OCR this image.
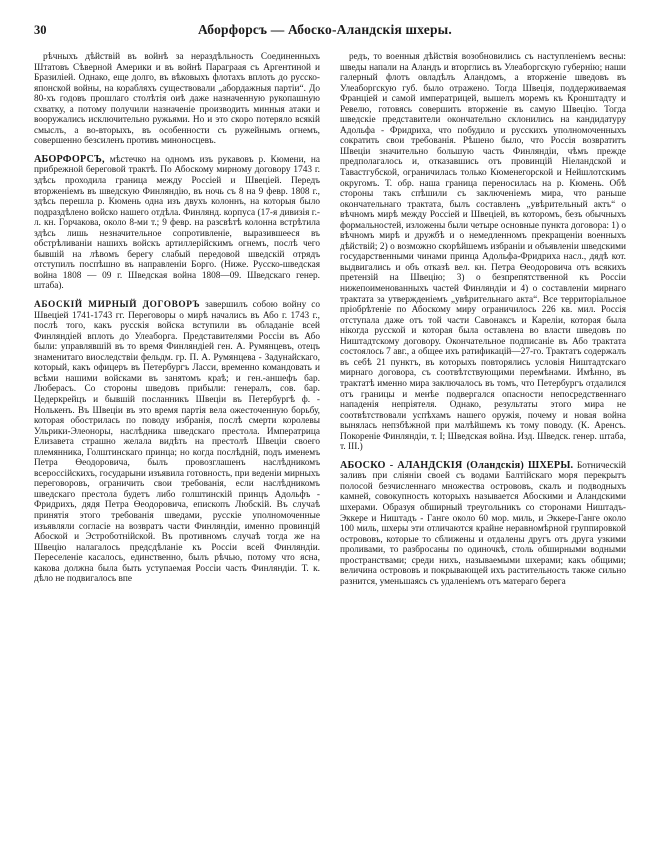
30	Аборфорсъ — Абоско-Аландскія шхеры.

рѣчныхъ дѣйствій въ войнѣ за нераздѣльность Соединенныхъ Штатовъ Сѣверной Америки и въ войнѣ Параграая съ Аргентиной и Бразиліей. Однако, еще долго, въ вѣковыхъ флотахъ вплоть до русско-японской войны, на корабляхъ существовали „абордажныя партіи“. До 80-хъ годовъ прошлаго столѣтія оиѣ даже назначенную рукопашную схватку, а потому получили назначеніе производить минныя атаки и вооружались исключительно ружьями. Но и это скоро потеряло всякій смыслъ, а во-вторыхъ, въ особенности съ ружейнымъ огнемъ, совершенно безсиленъ противъ миноносцевъ.

АБОРФОРСЪ, мѣстечко на одномъ изъ рукавовъ р. Кюмени, на прибрежной береговой трактѣ. По Абоскому мирному договору 1743 г. здѣсь проходила граница между Россіей и Швеціей. Передъ вторженіемъ въ шведскую Финляндію, въ ночь съ 8 на 9 февр. 1808 г., здѣсь перешла р. Кюмень одна изъ двухъ колоннъ, на которыя было подраздѣлено войско нашего отдѣла. Финлянд. корпуса (17-я дивизія г.-л. кн. Горчакова, около 8-ми т.; 9 февр. на разсвѣтѣ колонна встрѣтила здѣсь лишь незначительное сопротивленіе, выразившееся въ обстрѣливаніи нашихъ войскъ артиллерійскимъ огнемъ, послѣ чего бывшій на лѣвомъ берегу слабый передовой шведскій отрядъ отступилъ поспѣшно въ направленіи Борго. (Ниже. Русско-шведская война 1808 — 09 г. Шведская война 1808—09. Шведскаго генер. штаба).

АБОСКІЙ МИРНЫЙ ДОГОВОРЪ завершилъ собою войну со Швеціей 1741-1743 гг. Переговоры о мирѣ начались въ Або г. 1743 г., послѣ того, какъ русскія войска вступили въ обладаніе всей Финляндіей вплоть до Улеаборга. Представителями Россіи въ Або были: управлявшій въ то время Финляндіей ген. А. Румянцевъ, отецъ знаменитаго виоследствіи фельдм. гр. П. А. Румянцева - Задунайскаго, который, какъ офицеръ въ Петербургъ Ласси, временно командовать и всѣми нашими войсками въ занятомъ краѣ; и ген.-аншефъ бар. Люберасъ. Со стороны шведовъ прибыли: генералъ, сов. бар. Цедеркрейцъ и бывшій посланникъ Швеціи въ Петербургѣ ф. - Нолькенъ. Въ Швеціи въ это время партія вела ожесточенную борьбу, которая обострилась по поводу избранія, послѣ смерти королевы Ульрики-Элеоноры, наслѣдника шведскаго престола. Императрица Елизавета страшно желала видѣть на престолѣ Швеціи своего племянника, Голштинскаго принца; но когда послѣдній, подъ именемъ Петра Ѳеодоровича, былъ провозглашенъ наслѣдникомъ всероссійскихъ, государыни изъявила готовность, при веденіи мирныхъ переговоровъ, ограничить свои требованія, если наслѣдникомъ шведскаго престола будетъ либо голштинскій принцъ Адольфъ - Фридрихъ, дядя Петра Ѳеодоровича, епископъ Любскій. Въ случаѣ принятія этого требованія шведами, русскіе уполномоченные изъявляли согласіе на возвратъ части Финляндіи, именно провинцій Абоской и Эстроботнійской. Въ противномъ случаѣ тогда же на Швецію налагалось предсдѣланіе къ Россіи всей Финляндіи. Переселеніе касалось, единственно, былъ рѣчью, потому что ясна, какова должна была быть уступаемая Россіи часть Финляндіи. Т. к. дѣло не подвигалось впе

редъ, то военныя дѣйствія возобновились съ наступленіемъ весны: шведы напали на Аландъ и вторглись въ Улеаборгскую губернію; наши галерный флотъ овладѣлъ Аландомъ, а вторженіе шведовъ въ Улеаборгскую губ. было отражено. Тогда Швеція, поддерживаемая Франціей и самой императрицей, вышелъ моремъ къ Кронштадту и Ревелю, готовясь совершить вторженіе въ самую Швецію. Тогда шведскіе представители окончательно склонились на кандидатуру Адольфа - Фридриха, что побудило и русскихъ уполномоченныхъ сократить свои требованія. Рѣшено было, что Россія возвратитъ Швеціи значительно большую часть Финляндіи, чѣмъ прежде предполагалось и, отказавшись отъ провинцій Ніеландской и Тавастгубской, ограничилась только Кюменегорской и Нейшлотскимъ округомъ. Т. обр. наша граница переносилась на р. Кюмень. Обѣ стороны такъ спѣшили съ заключеніемъ мира, что раньше окончательнаго трактата, былъ составленъ „увѣрительный актъ“ о вѣчномъ мирѣ между Россіей и Швеціей, въ которомъ, безъ обычныхъ формальностей, изложены были четыре основные пункта договора: 1) о вѣчномъ мирѣ и дружбѣ и о немедленномъ прекращеніи военныхъ дѣйствій; 2) о возможно скорѣйшемъ избраніи и объявленіи шведскими государственными чинами принца Адольфа-Фридриха насл., дядѣ кот. выдвигались и объ отказѣ вел. кн. Петра Ѳеодоровича отъ всякихъ претензій на Швецію; 3) о безпрепятственной къ Россіи нижепоименованныхъ частей Финляндіи и 4) о составленіи мирнаго трактата за утвержденіемъ „увѣрительнаго акта“. Все территоріальное пріобрѣтеніе по Абоскому миру ограничилось 226 кв. мил. Россія отступала даже отъ той части Савонаксъ и Кареліи, которая была нікогда русской и которая была оставлена во власти шведовъ по Ништадтскому договору. Окончательное подписаніе въ Або трактата состоялось 7 авг., а общее ихъ ратификацій—27-го. Трактатъ содержалъ въ себѣ 21 пунктъ, въ которыхъ повторялись условія Ништадтскаго мирнаго договора, съ соотвѣтствующими перемѣнами. Имѣнно, въ трактатѣ именно мира заключалось въ томъ, что Петербургъ отдалился отъ границы и менѣе подвергался опасности непосредственнаго нападенія непріятеля. Однако, результаты этого мира не соотвѣтствовали успѣхамъ нашего оружія, почему и новая война вынялась непзбѣжной при малѣйшемъ къ тому поводу. (К. Аренсъ. Покореніе Финляндіи, т. І; Шведская война. Изд. Шведск. генер. штаба, т. ІІІ.)

АБОСКО - АЛАНДСКІЯ (Оландскія) ШХЕРЫ. Ботническій заливъ при сліяніи своей съ водами Балтійскаго моря перекрытъ полосой безчисленнаго множества острововъ, скалъ и подводныхъ камней, совокупность которыхъ называется Абоскими и Аландскими шхерами. Образуя обширный треугольникъ со сторонами Ништадъ-Эккере и Ништадъ - Ганге около 60 мор. миль, и Эккере-Ганге около 100 миль, шхеры эти отличаются крайне неравномѣрной группировкой острововъ, которые то сближены и отдалены другъ отъ друга узкими проливами, то разбросаны по одиночкѣ, столь обширными водными пространствами; среди нихъ, называемыми шхерами; какъ общими; величина острововъ и покрывающей ихъ растительность также сильно разнится, уменьшаясь съ удаленіемъ отъ матераго берега
